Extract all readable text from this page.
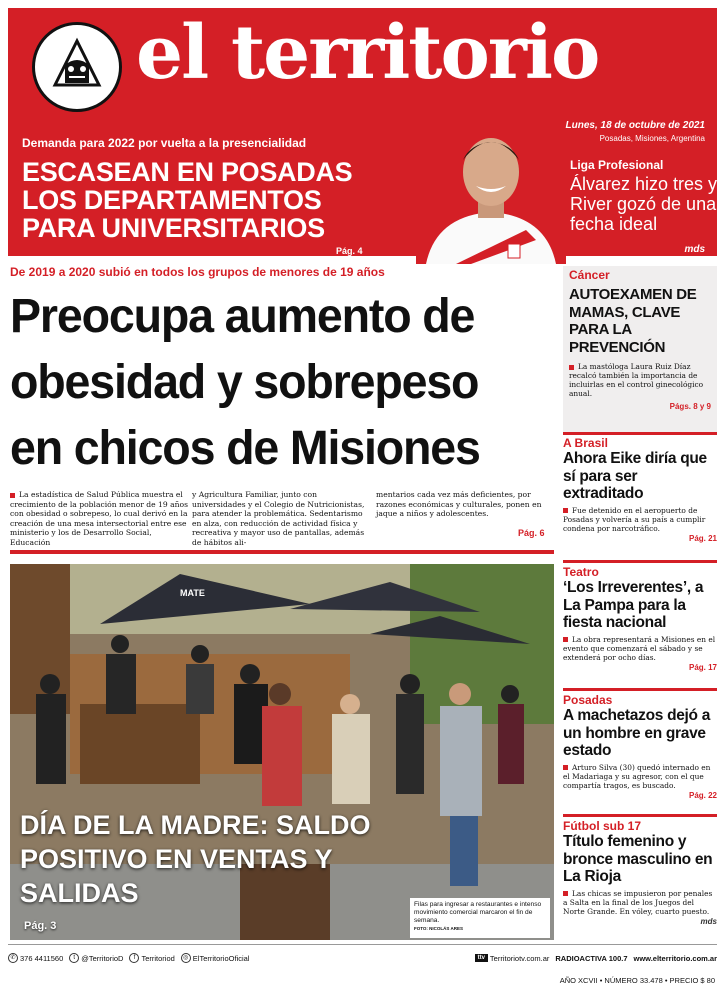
el territorio
Demanda para 2022 por vuelta a la presencialidad
ESCASEAN EN POSADAS LOS DEPARTAMENTOS PARA UNIVERSITARIOS
Pág. 4
Lunes, 18 de octubre de 2021
Posadas, Misiones, Argentina
Liga Profesional
Álvarez hizo tres y River gozó de una fecha ideal
mds
De 2019 a 2020 subió en todos los grupos de menores de 19 años
Preocupa aumento de obesidad y sobrepeso en chicos de Misiones
La estadística de Salud Pública muestra el crecimiento de la población menor de 19 años con obesidad o sobrepeso, lo cual derivó en la creación de una mesa intersectorial entre ese ministerio y los de Desarrollo Social, Educación
y Agricultura Familiar, junto con universidades y el Colegio de Nutricionistas, para atender la problemática. Sedentarismo en alza, con reducción de actividad física y recreativa y mayor uso de pantallas, además de hábitos ali-
mentarios cada vez más deficientes, por razones económicas y culturales, ponen en jaque a niños y adolescentes.
Pág. 6
MATE
DÍA DE LA MADRE: SALDO POSITIVO EN VENTAS Y SALIDAS
Pág. 3
Filas para ingresar a restaurantes e intenso movimiento comercial marcaron el fin de semana.
FOTO: NICOLÁS ARES
Cáncer
AUTOEXAMEN DE MAMAS, CLAVE PARA LA PREVENCIÓN
La mastóloga Laura Ruiz Díaz recalcó también la importancia de incluirlas en el control ginecológico anual.
Págs. 8 y 9
A Brasil
Ahora Eike diría que sí para ser extraditado
Fue detenido en el aeropuerto de Posadas y volvería a su país a cumplir condena por narcotráfico.
Pág. 21
Teatro
‘Los Irreverentes’, a La Pampa para la fiesta nacional
La obra representará a Misiones en el evento que comenzará el sábado y se extenderá por ocho días.
Pág. 17
Posadas
A machetazos dejó a un hombre en grave estado
Arturo Silva (30) quedó internado en el Madariaga y su agresor, con el que compartía tragos, es buscado.
Pág. 22
Fútbol sub 17
Título femenino y bronce masculino en La Rioja
Las chicas se impusieron por penales a Salta en la final de los Juegos del Norte Grande. En vóley, cuarto puesto.
mds
✆ 376 4411560	t @TerritorioD	f Territoriod	◎ ElTerritorioOficial	ttv Territoriotv.com.ar RADIOACTIVA 100.7 www.elterritorio.com.ar
AÑO XCVII • NÚMERO 33.478 • PRECIO $ 80
